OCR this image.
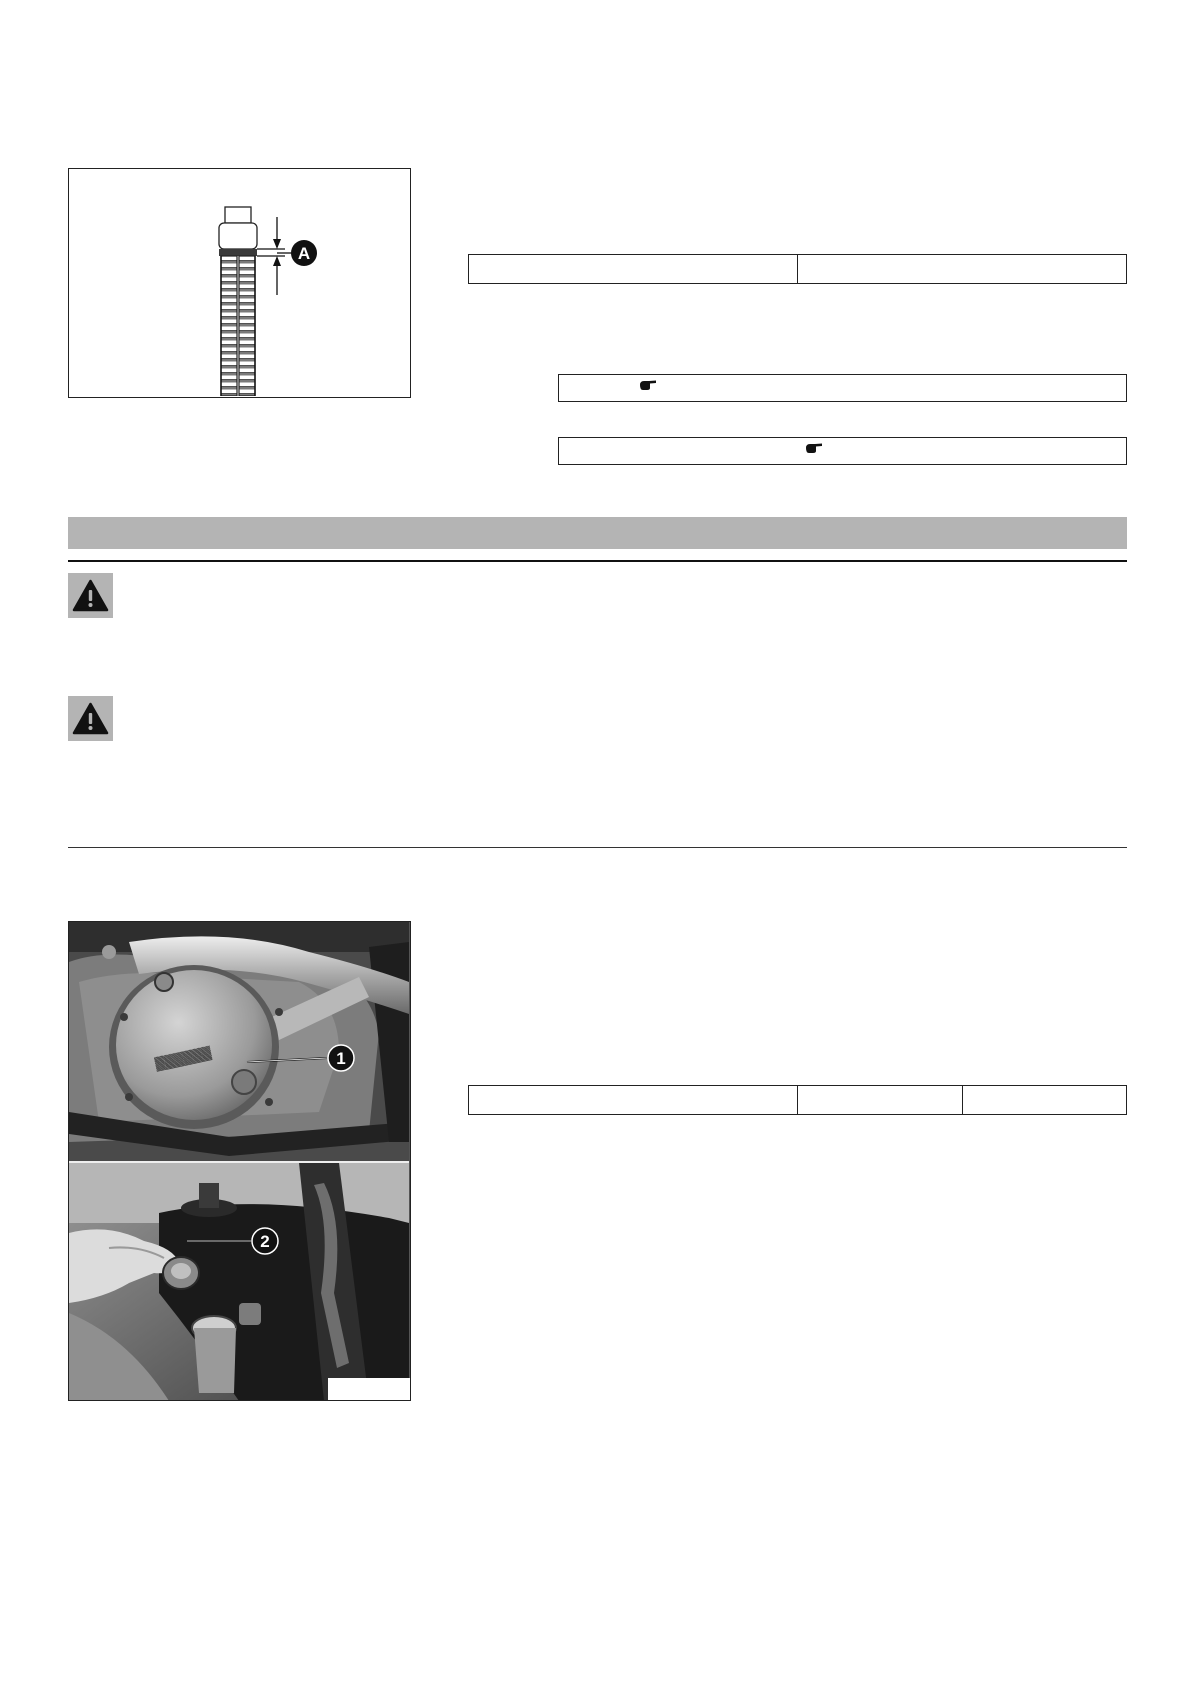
A
▓▓▓▓▓▓	1
2
